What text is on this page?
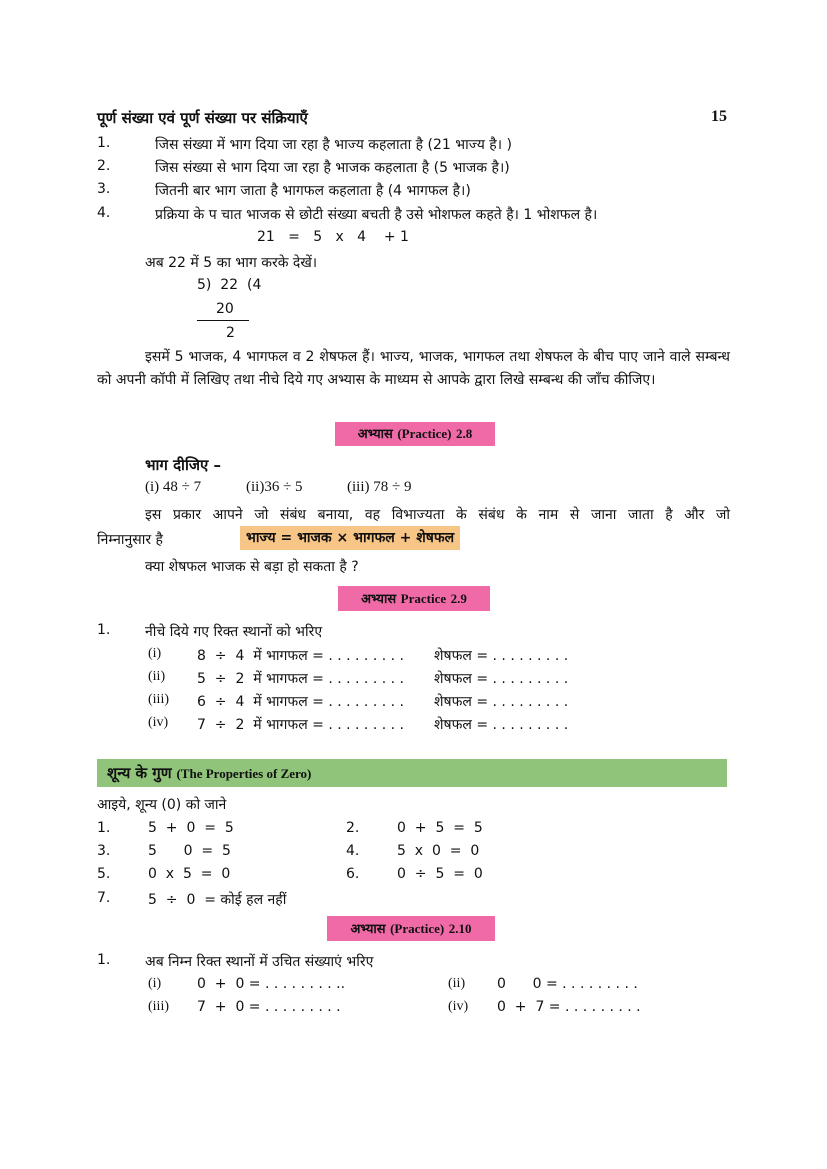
पूर्ण संख्या एवं पूर्ण संख्या पर संक्रियाएँ	15
1.	जिस संख्या में भाग दिया जा रहा है भाज्य कहलाता है (21 भाज्य है। )
2.	जिस संख्या से भाग दिया जा रहा है भाजक कहलाता है (5 भाजक है।)
3.	जितनी बार भाग जाता है भागफल कहलाता है (4 भागफल है।)
4.	प्रक्रिया के प चात भाजक से छोटी संख्या बचती है उसे भोशफल कहते है। 1 भोशफल है।
21   =   5   x   4    + 1
अब 22 में 5 का भाग करके देखें।
5)  22  (4
20
2
इसमें 5 भाजक, 4 भागफल व 2 शेषफल हैं। भाज्य, भाजक, भागफल तथा शेषफल के बीच पाए जाने वाले सम्बन्ध को अपनी कॉपी में लिखिए तथा नीचे दिये गए अभ्यास के माध्यम से आपके द्वारा लिखे सम्बन्ध की जाँच कीजिए।
अभ्यास (Practice) 2.8
भाग दीजिए –
(i) 48 ÷ 7	(ii)36 ÷ 5	(iii) 78 ÷ 9
इस प्रकार आपने जो संबंध बनाया, वह विभाज्यता के संबंध के नाम से जाना जाता है और जो
निम्नानुसार है	भाज्य = भाजक × भागफल + शेषफल
क्या शेषफल भाजक से बड़ा हो सकता है ?
अभ्यास Practice 2.9
1. नीचे दिये गए रिक्त स्थानों को भरिए
(i)	8  ÷  4  में भागफल = . . . . . . . . . शेषफल = . . . . . . . . .
(ii) 5  ÷  2  में भागफल = . . . . . . . . . शेषफल = . . . . . . . . .
(iii) 6  ÷  4  में भागफल = . . . . . . . . . शेषफल = . . . . . . . . .
(iv) 7  ÷  2  में भागफल = . . . . . . . . . शेषफल = . . . . . . . . .
शून्य के गुण (The Properties of Zero)
आइये, शून्य (0) को जाने
1.	5  +  0  =  5	2.	0  +  5  =  5
3.	5      0  =  5	4.	5  x  0  =  0
5.	0  x  5  =  0	6.	0  ÷  5  =  0
7.	5  ÷  0  = कोई हल नहीं
अभ्यास (Practice) 2.10
1. अब निम्न रिक्त स्थानों में उचित संख्याएं भरिए
(i)	0  +  0 = . . . . . . . . ..	(ii) 0      0 = . . . . . . . . .
(iii) 7  +  0 = . . . . . . . . .	(iv) 0  +  7 = . . . . . . . . .
